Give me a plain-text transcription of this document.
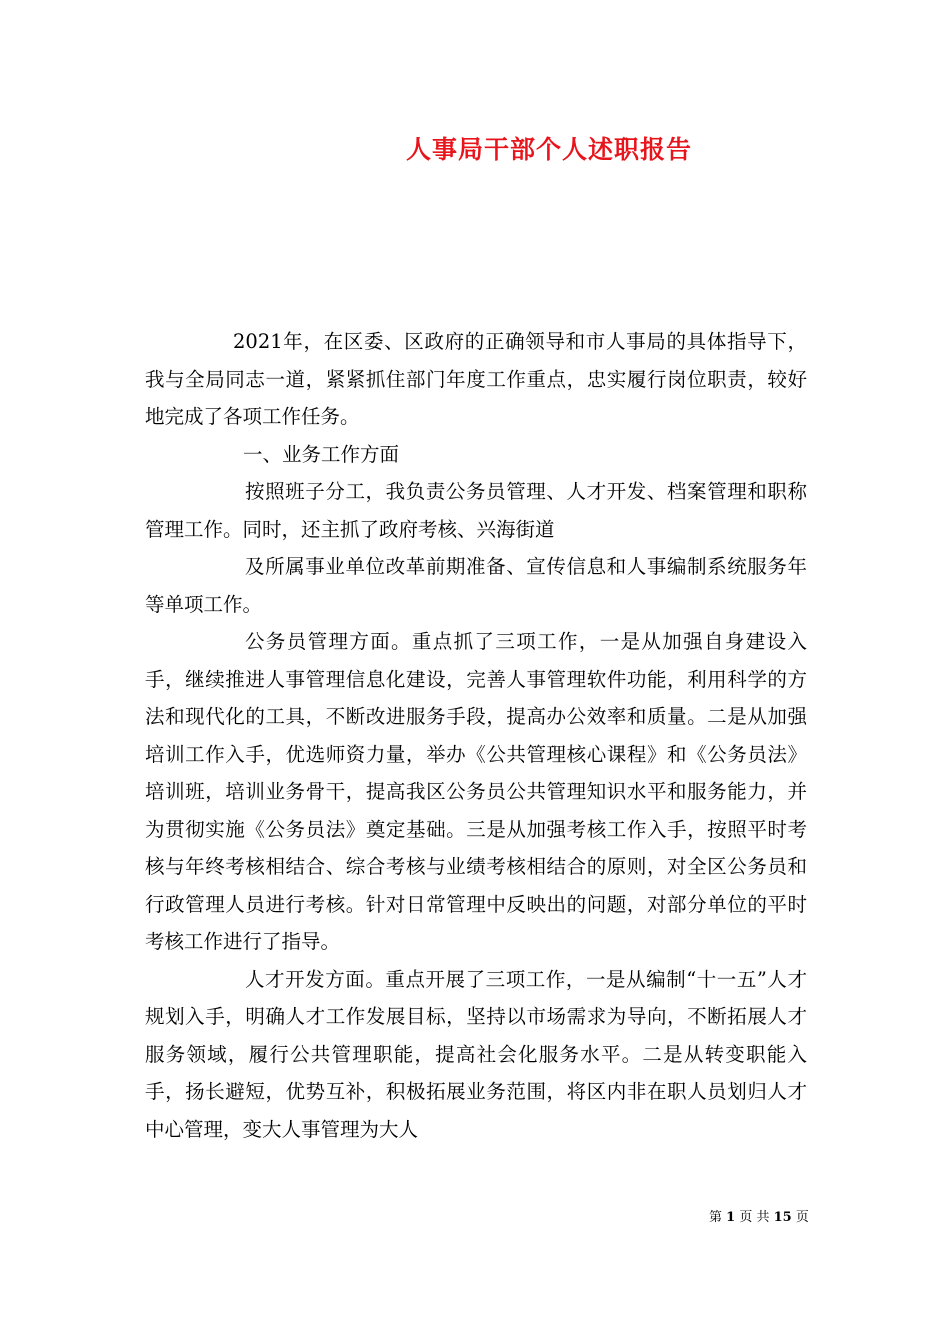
人事局干部个人述职报告

2021年，在区委、区政府的正确领导和市人事局的具体指导下，我与全局同志一道，紧紧抓住部门年度工作重点，忠实履行岗位职责，较好地完成了各项工作任务。

一、业务工作方面

按照班子分工，我负责公务员管理、人才开发、档案管理和职称管理工作。同时，还主抓了政府考核、兴海街道

及所属事业单位改革前期准备、宣传信息和人事编制系统服务年等单项工作。

公务员管理方面。重点抓了三项工作，一是从加强自身建设入手，继续推进人事管理信息化建设，完善人事管理软件功能，利用科学的方法和现代化的工具，不断改进服务手段，提高办公效率和质量。二是从加强培训工作入手，优选师资力量，举办《公共管理核心课程》和《公务员法》培训班，培训业务骨干，提高我区公务员公共管理知识水平和服务能力，并为贯彻实施《公务员法》奠定基础。三是从加强考核工作入手，按照平时考核与年终考核相结合、综合考核与业绩考核相结合的原则，对全区公务员和行政管理人员进行考核。针对日常管理中反映出的问题，对部分单位的平时考核工作进行了指导。

人才开发方面。重点开展了三项工作，一是从编制“十一五”人才规划入手，明确人才工作发展目标，坚持以市场需求为导向，不断拓展人才服务领域，履行公共管理职能，提高社会化服务水平。二是从转变职能入手，扬长避短，优势互补，积极拓展业务范围，将区内非在职人员划归人才中心管理，变大人事管理为大人

第 1 页 共 15 页
